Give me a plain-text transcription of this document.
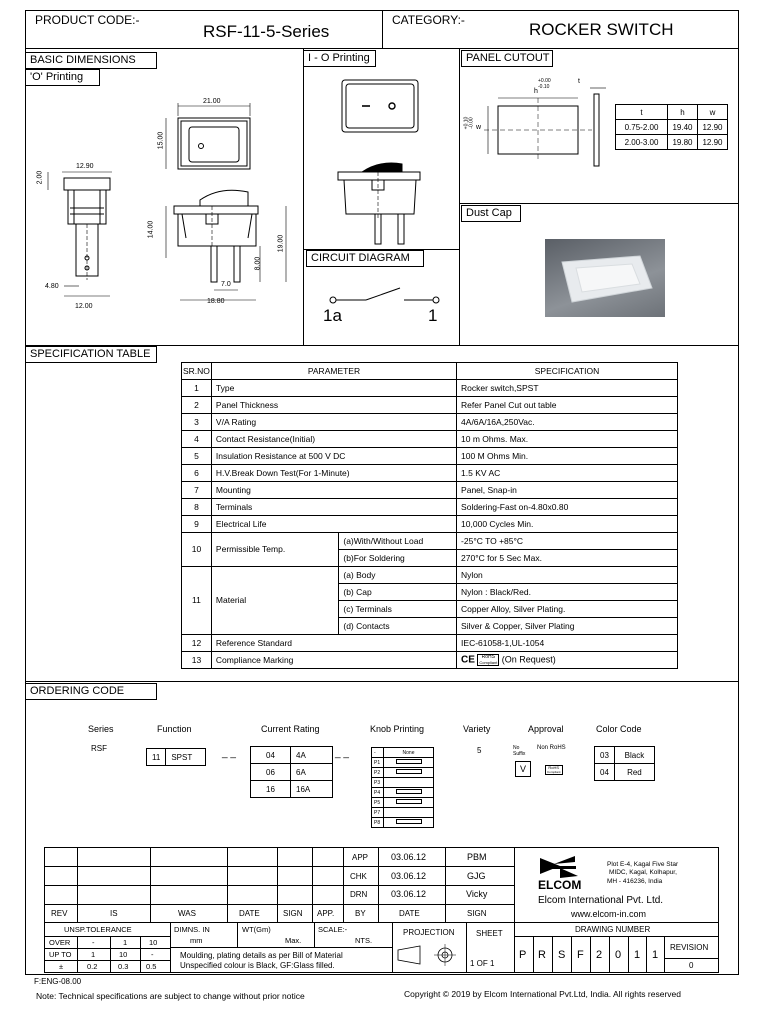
PRODUCT CODE:-
RSF-11-5-Series
CATEGORY:-	ROCKER SWITCH
BASIC DIMENSIONS
'O' Printing
I - O Printing	PANEL CUTOUT
Dust Cap
CIRCUIT DIAGRAM
SPECIFICATION TABLE
ORDERING CODE
21.00
15.00
12.90
2.00
4.80
12.00
14.00
19.00
8.00
7.0
18.80
1a	1
+0.00
-0.10
h
t
+0.10 -0.00 w
t	h	w
0.75-2.00	19.40	12.90
2.00-3.00	19.80	12.90
SR.NO	PARAMETER		SPECIFICATION
1	Type		Rocker switch,SPST
2	Panel Thickness		Refer Panel Cut out table
3	V/A Rating		4A/6A/16A,250Vac.
4	Contact Resistance(Initial)		10 m Ohms. Max.
5	Insulation Resistance at 500 V DC		100 M Ohms Min.
6	H.V.Break Down Test(For 1-Minute)		1.5 KV AC
7	Mounting		Panel, Snap-in
8	Terminals		Soldering-Fast on-4.80x0.80
9	Electrical Life		10,000 Cycles Min.
10	Permissible Temp.	(a)With/Without Load	-25°C TO +85°C
		(b)For Soldering	270°C for 5 Sec Max.
11	Material	(a) Body	Nylon
		(b) Cap	Nylon : Black/Red.
		(c) Terminals	Copper Alloy, Silver Plating.
		(d) Contacts	Silver & Copper, Silver Plating
12	Reference Standard		IEC-61058-1,UL-1054
13	Compliance Marking		CE RoHS
Compliant (On Request)
Series
RSF
Function
11	SPST	_ _
Current Rating
04	4A
06	6A
16	16A
_ _
Knob Printing
-	None
P1	
P2	
P3	
P4	
P5	
P7	
P8	
Variety
5
Approval
No
Suffix
Non RoHS
V	RoHS
Compliant
Color Code
03	Black
04	Red
APP	03.06.12	PBM
CHK	03.06.12	GJG
DRN	03.06.12	Vicky
REV	IS	WAS	DATE	SIGN APP.	BY	DATE	SIGN
UNSP.TOLERANCE
OVER	-	1	10
UP TO	1	10	-
±	0.2	0.3 0.5
DIMNS. IN
mm
WT(Gm)
Max.
SCALE:-
NTS.
Moulding, plating details as per Bill of Material
Unspecified colour is Black, GF:Glass filled.
PROJECTION	SHEET
1 OF 1
ELCOM
Plot E-4, Kagal Five Star
MIDC, Kagal, Kolhapur,
MH - 416236, India
Elcom International Pvt. Ltd.
www.elcom-in.com
DRAWING NUMBER
P R S F 2 0 1 1
REVISION
0
F:ENG-08.00
Note: Technical specifications are subject to change without prior notice	Copyright © 2019 by Elcom International Pvt.Ltd, India. All rights reserved
